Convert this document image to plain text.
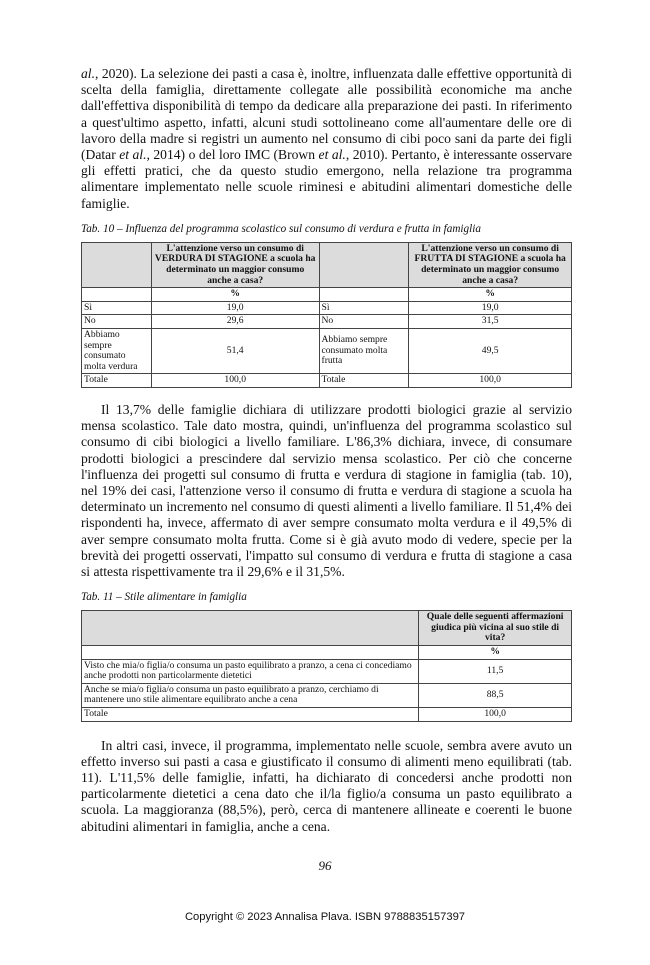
al., 2020). La selezione dei pasti a casa è, inoltre, influenzata dalle effettive opportunità di scelta della famiglia, direttamente collegate alle possibilità economiche ma anche dall'effettiva disponibilità di tempo da dedicare alla preparazione dei pasti. In riferimento a quest'ultimo aspetto, infatti, alcuni studi sottolineano come all'aumentare delle ore di lavoro della madre si registri un aumento nel consumo di cibi poco sani da parte dei figli (Datar et al., 2014) o del loro IMC (Brown et al., 2010). Pertanto, è interessante osservare gli effetti pratici, che da questo studio emergono, nella relazione tra programma alimentare implementato nelle scuole riminesi e abitudini alimentari domestiche delle famiglie.

Tab. 10 – Influenza del programma scolastico sul consumo di verdura e frutta in famiglia
	L'attenzione verso un consumo di VERDURA DI STAGIONE a scuola ha determinato un maggior consumo anche a casa?		L'attenzione verso un consumo di FRUTTA DI STAGIONE a scuola ha determinato un maggior consumo anche a casa?
	%		%
Sì	19,0	Sì	19,0
No	29,6	No	31,5
Abbiamo sempre consumato molta verdura	51,4	Abbiamo sempre consumato molta frutta	49,5
Totale	100,0	Totale	100,0

Il 13,7% delle famiglie dichiara di utilizzare prodotti biologici grazie al servizio mensa scolastico. Tale dato mostra, quindi, un'influenza del programma scolastico sul consumo di cibi biologici a livello familiare. L'86,3% dichiara, invece, di consumare prodotti biologici a prescindere dal servizio mensa scolastico. Per ciò che concerne l'influenza dei progetti sul consumo di frutta e verdura di stagione in famiglia (tab. 10), nel 19% dei casi, l'attenzione verso il consumo di frutta e verdura di stagione a scuola ha determinato un incremento nel consumo di questi alimenti a livello familiare. Il 51,4% dei rispondenti ha, invece, affermato di aver sempre consumato molta verdura e il 49,5% di aver sempre consumato molta frutta. Come si è già avuto modo di vedere, specie per la brevità dei progetti osservati, l'impatto sul consumo di verdura e frutta di stagione a casa si attesta rispettivamente tra il 29,6% e il 31,5%.

Tab. 11 – Stile alimentare in famiglia
	Quale delle seguenti affermazioni giudica più vicina al suo stile di vita?
	%
Visto che mia/o figlia/o consuma un pasto equilibrato a pranzo, a cena ci concediamo anche prodotti non particolarmente dietetici	11,5
Anche se mia/o figlia/o consuma un pasto equilibrato a pranzo, cerchiamo di mantenere uno stile alimentare equilibrato anche a cena	88,5
Totale	100,0

In altri casi, invece, il programma, implementato nelle scuole, sembra avere avuto un effetto inverso sui pasti a casa e giustificato il consumo di alimenti meno equilibrati (tab. 11). L'11,5% delle famiglie, infatti, ha dichiarato di concedersi anche prodotti non particolarmente dietetici a cena dato che il/la figlio/a consuma un pasto equilibrato a scuola. La maggioranza (88,5%), però, cerca di mantenere allineate e coerenti le buone abitudini alimentari in famiglia, anche a cena.

96
Copyright © 2023 Annalisa Plava. ISBN 9788835157397
